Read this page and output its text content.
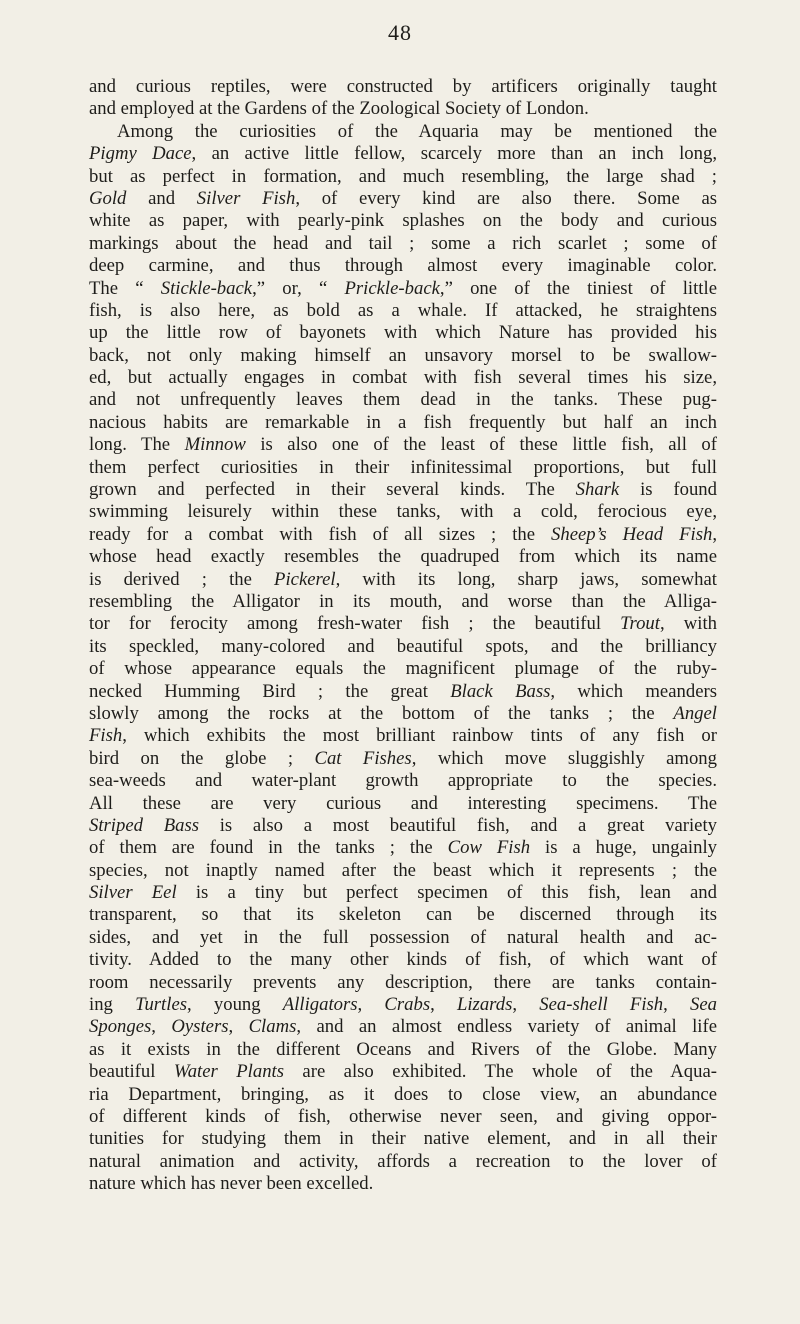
48
and curious reptiles, were constructed by artificers originally taught
and employed at the Gardens of the Zoological Society of London.
Among the curiosities of the Aquaria may be mentioned the
Pigmy Dace, an active little fellow, scarcely more than an inch long,
but as perfect in formation, and much resembling, the large shad ;
Gold and Silver Fish, of every kind are also there. Some as
white as paper, with pearly-pink splashes on the body and curious
markings about the head and tail ; some a rich scarlet ; some of
deep carmine, and thus through almost every imaginable color.
The “ Stickle-back,” or, “ Prickle-back,” one of the tiniest of little
fish, is also here, as bold as a whale. If attacked, he straightens
up the little row of bayonets with which Nature has provided his
back, not only making himself an unsavory morsel to be swallow-
ed, but actually engages in combat with fish several times his size,
and not unfrequently leaves them dead in the tanks. These pug-
nacious habits are remarkable in a fish frequently but half an inch
long. The Minnow is also one of the least of these little fish, all of
them perfect curiosities in their infinitessimal proportions, but full
grown and perfected in their several kinds. The Shark is found
swimming leisurely within these tanks, with a cold, ferocious eye,
ready for a combat with fish of all sizes ; the Sheep’s Head Fish,
whose head exactly resembles the quadruped from which its name
is derived ; the Pickerel, with its long, sharp jaws, somewhat
resembling the Alligator in its mouth, and worse than the Alliga-
tor for ferocity among fresh-water fish ; the beautiful Trout, with
its speckled, many-colored and beautiful spots, and the brilliancy
of whose appearance equals the magnificent plumage of the ruby-
necked Humming Bird ; the great Black Bass, which meanders
slowly among the rocks at the bottom of the tanks ; the Angel
Fish, which exhibits the most brilliant rainbow tints of any fish or
bird on the globe ; Cat Fishes, which move sluggishly among
sea-weeds and water-plant growth appropriate to the species.
All these are very curious and interesting specimens. The
Striped Bass is also a most beautiful fish, and a great variety
of them are found in the tanks ; the Cow Fish is a huge, ungainly
species, not inaptly named after the beast which it represents ; the
Silver Eel is a tiny but perfect specimen of this fish, lean and
transparent, so that its skeleton can be discerned through its
sides, and yet in the full possession of natural health and ac-
tivity. Added to the many other kinds of fish, of which want of
room necessarily prevents any description, there are tanks contain-
ing Turtles, young Alligators, Crabs, Lizards, Sea-shell Fish, Sea
Sponges, Oysters, Clams, and an almost endless variety of animal life
as it exists in the different Oceans and Rivers of the Globe. Many
beautiful Water Plants are also exhibited. The whole of the Aqua-
ria Department, bringing, as it does to close view, an abundance
of different kinds of fish, otherwise never seen, and giving oppor-
tunities for studying them in their native element, and in all their
natural animation and activity, affords a recreation to the lover of
nature which has never been excelled.
